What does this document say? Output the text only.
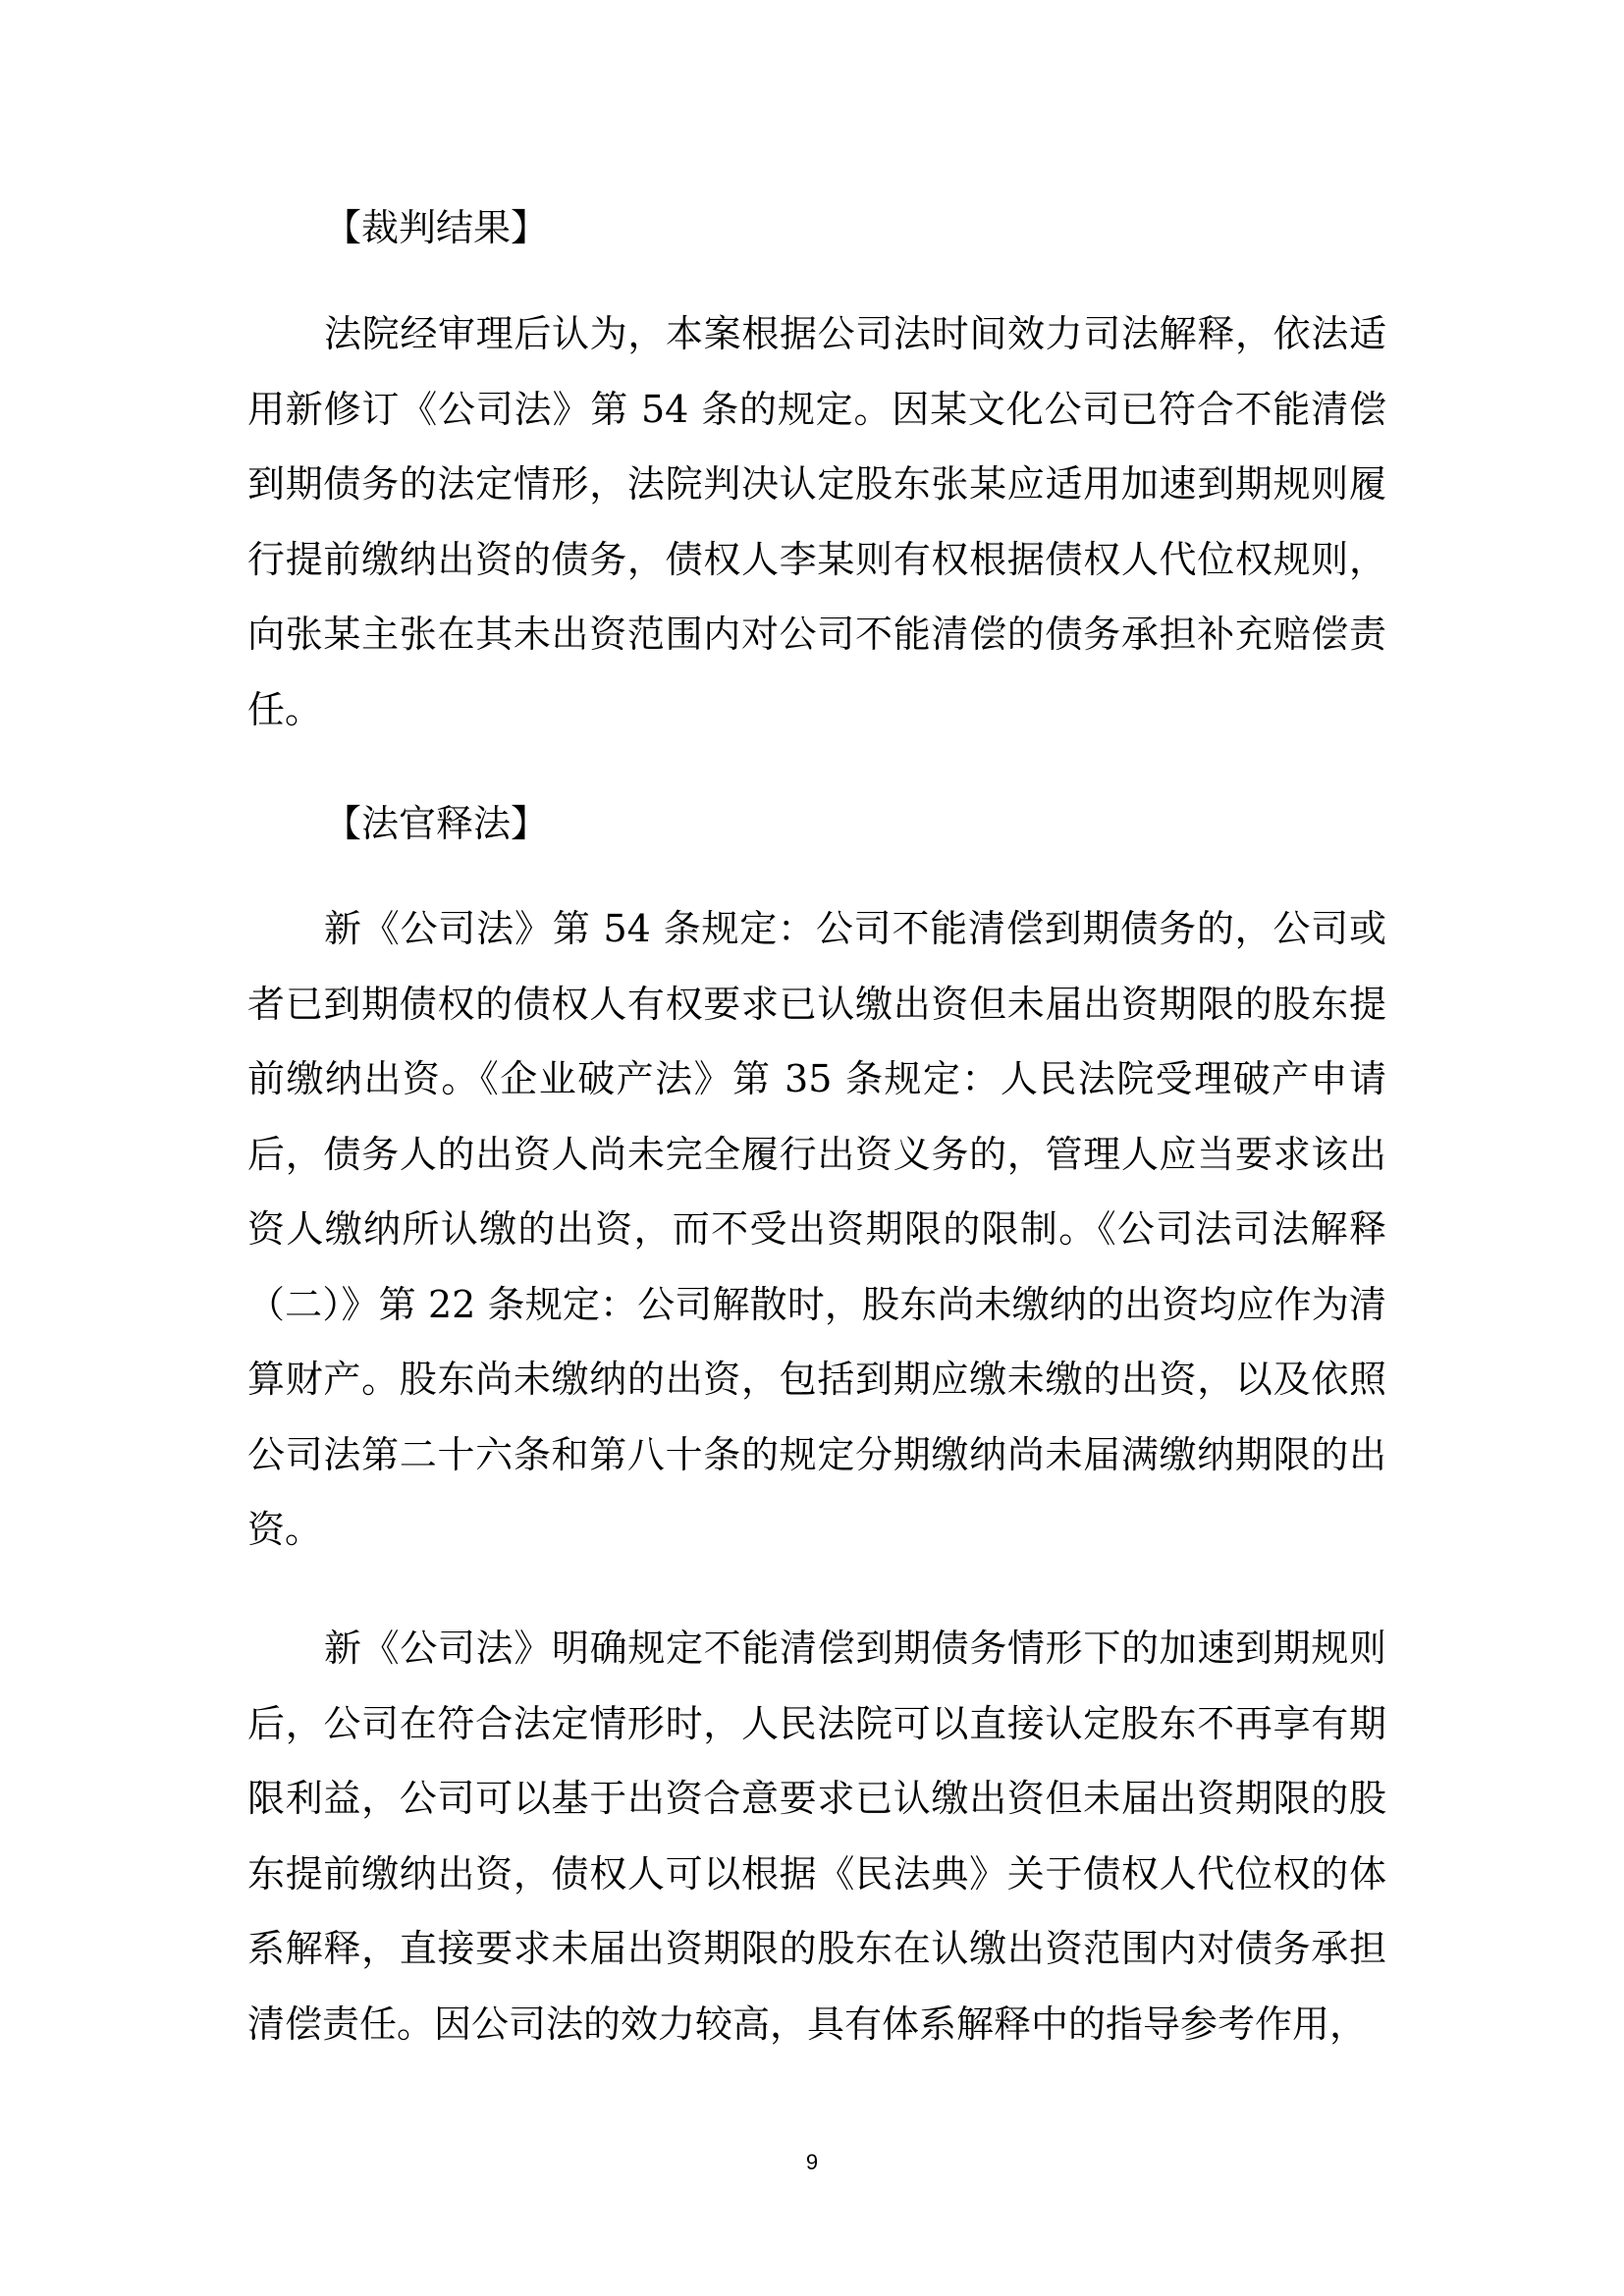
【裁判结果】

法院经审理后认为，本案根据公司法时间效力司法解释，依法适用新修订《公司法》第 54 条的规定。因某文化公司已符合不能清偿到期债务的法定情形，法院判决认定股东张某应适用加速到期规则履行提前缴纳出资的债务，债权人李某则有权根据债权人代位权规则，向张某主张在其未出资范围内对公司不能清偿的债务承担补充赔偿责任。

【法官释法】

新《公司法》第 54 条规定：公司不能清偿到期债务的，公司或者已到期债权的债权人有权要求已认缴出资但未届出资期限的股东提前缴纳出资。《企业破产法》第 35 条规定：人民法院受理破产申请后，债务人的出资人尚未完全履行出资义务的，管理人应当要求该出资人缴纳所认缴的出资，而不受出资期限的限制。《公司法司法解释（二）》第 22 条规定：公司解散时，股东尚未缴纳的出资均应作为清算财产。股东尚未缴纳的出资，包括到期应缴未缴的出资，以及依照公司法第二十六条和第八十条的规定分期缴纳尚未届满缴纳期限的出资。

新《公司法》明确规定不能清偿到期债务情形下的加速到期规则后，公司在符合法定情形时，人民法院可以直接认定股东不再享有期限利益，公司可以基于出资合意要求已认缴出资但未届出资期限的股东提前缴纳出资，债权人可以根据《民法典》关于债权人代位权的体系解释，直接要求未届出资期限的股东在认缴出资范围内对债务承担清偿责任。因公司法的效力较高，具有体系解释中的指导参考作用，

9
